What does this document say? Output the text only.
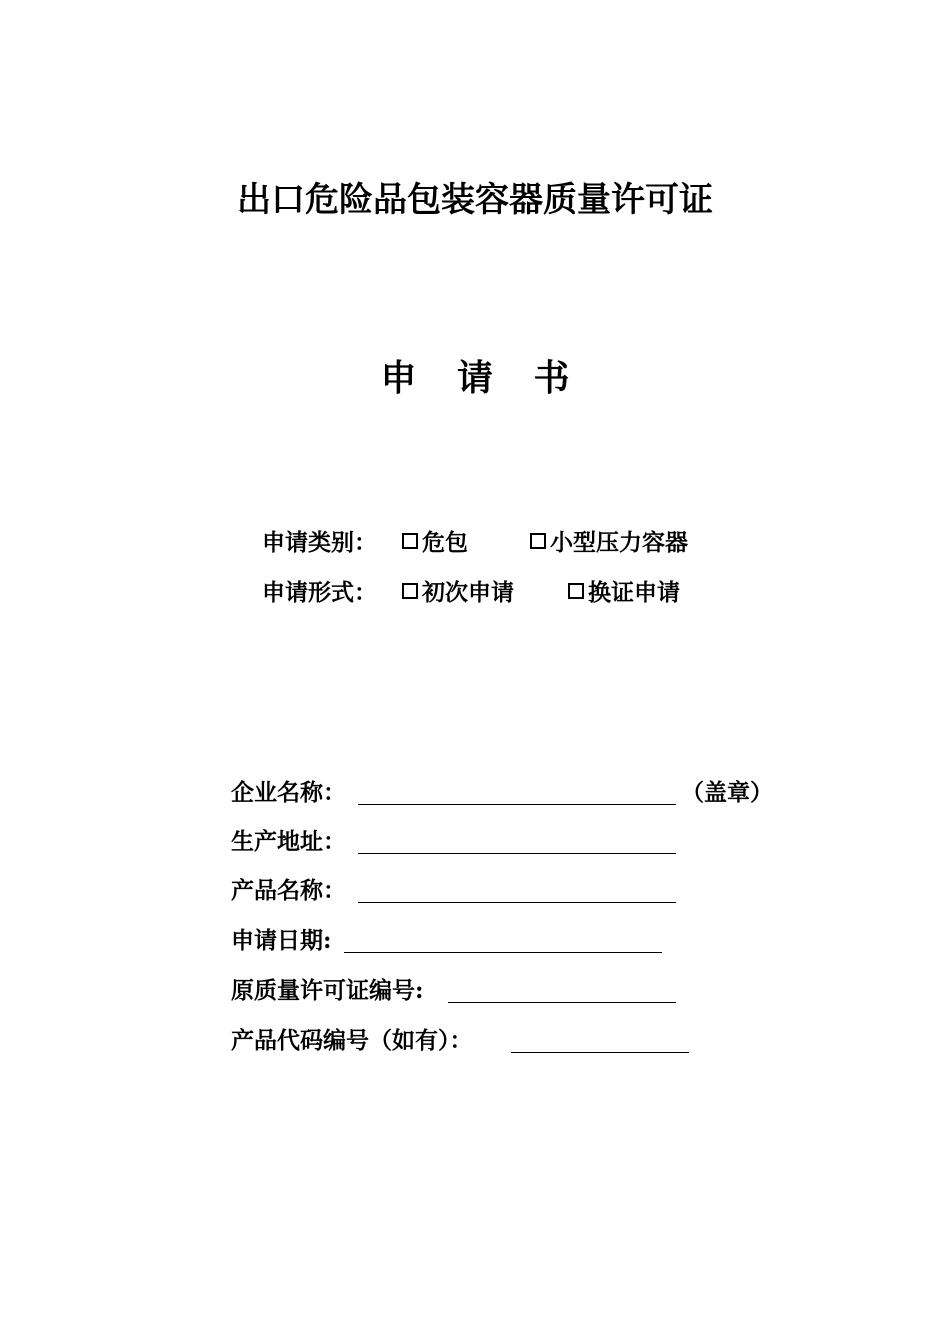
出口危险品包装容器质量许可证
申 请 书
申请类别：	危包	小型压力容器
申请形式：	初次申请	换证申请
企业名称：	（盖章）
生产地址：
产品名称：
申请日期:
原质量许可证编号:
产品代码编号（如有）：
